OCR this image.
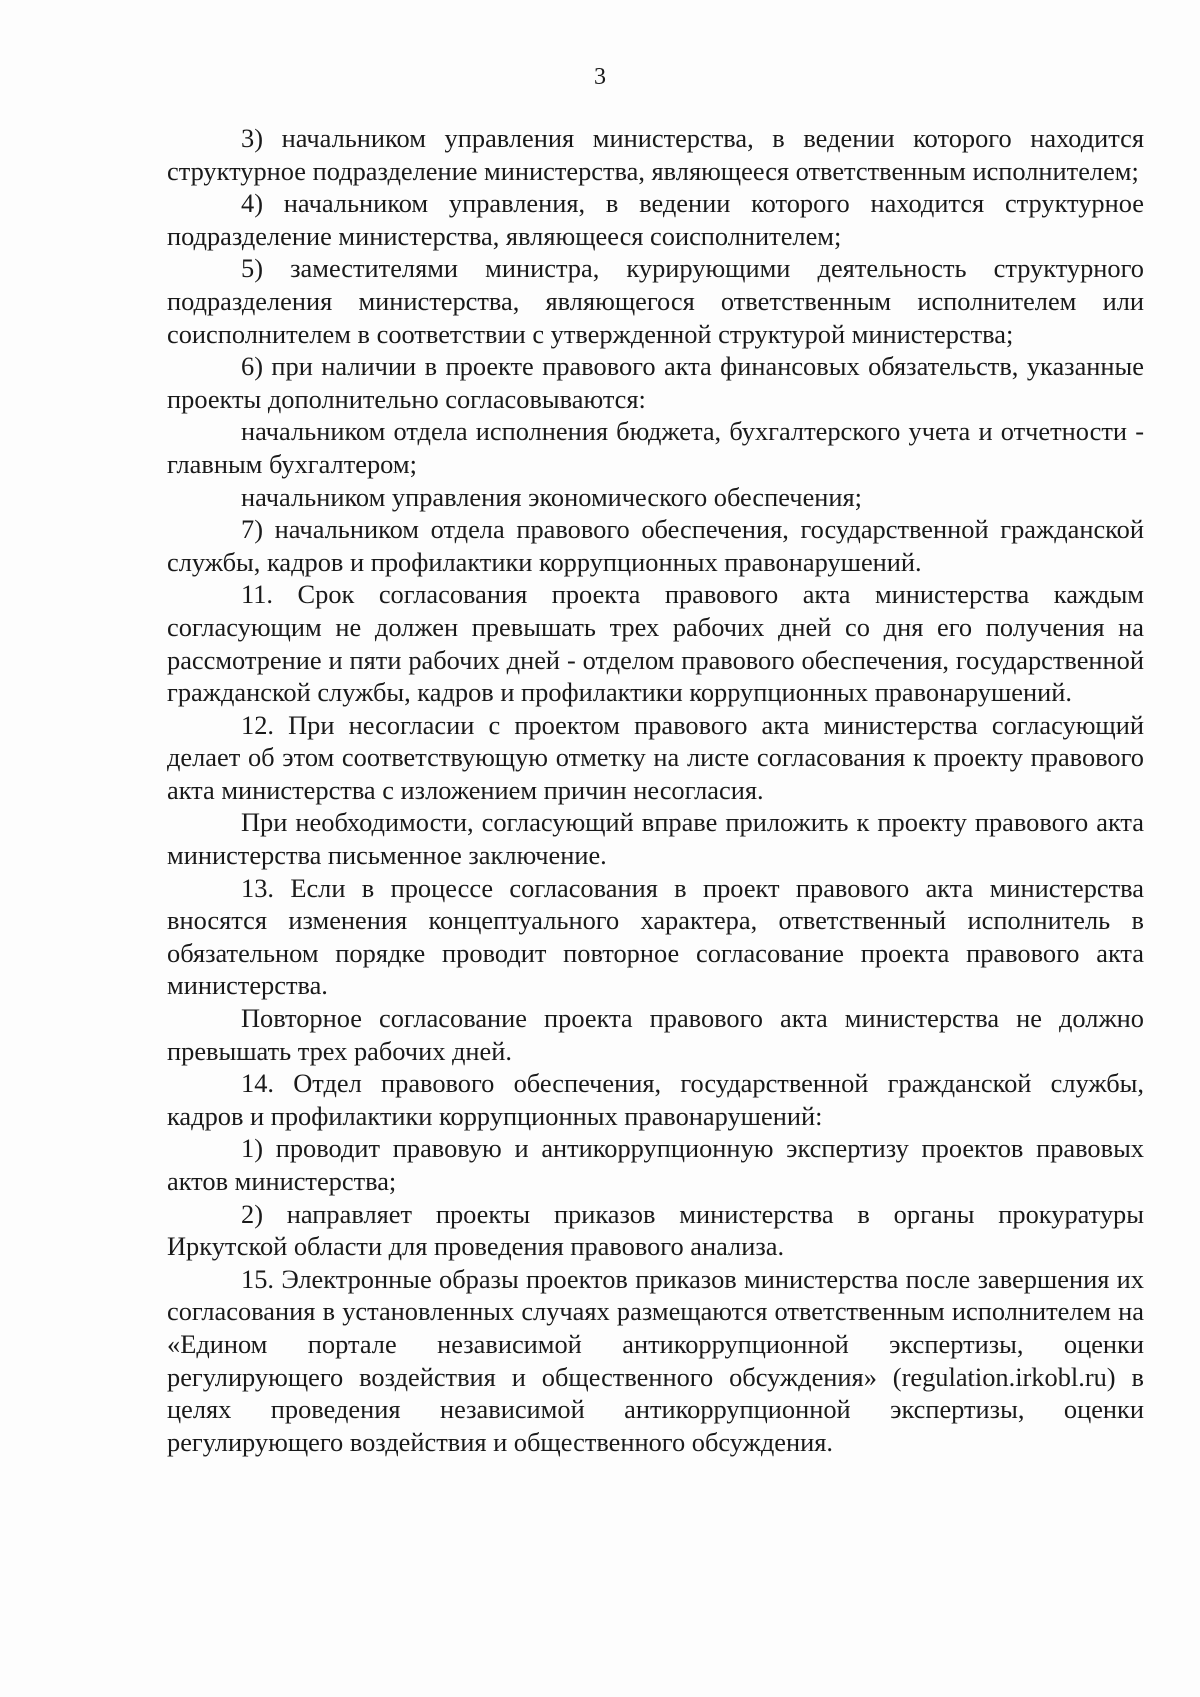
3

3) начальником управления министерства, в ведении которого находится структурное подразделение министерства, являющееся ответственным исполнителем;

4) начальником управления, в ведении которого находится структурное подразделение министерства, являющееся соисполнителем;

5) заместителями министра, курирующими деятельность структурного подразделения министерства, являющегося ответственным исполнителем или соисполнителем в соответствии с утвержденной структурой министерства;

6) при наличии в проекте правового акта финансовых обязательств, указанные проекты дополнительно согласовываются:

начальником отдела исполнения бюджета, бухгалтерского учета и отчетности - главным бухгалтером;

начальником управления экономического обеспечения;

7) начальником отдела правового обеспечения, государственной гражданской службы, кадров и профилактики коррупционных правонарушений.

11. Срок согласования проекта правового акта министерства каждым согласующим не должен превышать трех рабочих дней со дня его получения на рассмотрение и пяти рабочих дней - отделом правового обеспечения, государственной гражданской службы, кадров и профилактики коррупционных правонарушений.

12. При несогласии с проектом правового акта министерства согласующий делает об этом соответствующую отметку на листе согласования к проекту правового акта министерства с изложением причин несогласия.

При необходимости, согласующий вправе приложить к проекту правового акта министерства письменное заключение.

13. Если в процессе согласования в проект правового акта министерства вносятся изменения концептуального характера, ответственный исполнитель в обязательном порядке проводит повторное согласование проекта правового акта министерства.

Повторное согласование проекта правового акта министерства не должно превышать трех рабочих дней.

14. Отдел правового обеспечения, государственной гражданской службы, кадров и профилактики коррупционных правонарушений:

1) проводит правовую и антикоррупционную экспертизу проектов правовых актов министерства;

2) направляет проекты приказов министерства в органы прокуратуры Иркутской области для проведения правового анализа.

15. Электронные образы проектов приказов министерства после завершения их согласования в установленных случаях размещаются ответственным исполнителем на «Едином портале независимой антикоррупционной экспертизы, оценки регулирующего воздействия и общественного обсуждения» (regulation.irkobl.ru) в целях проведения независимой антикоррупционной экспертизы, оценки регулирующего воздействия и общественного обсуждения.
